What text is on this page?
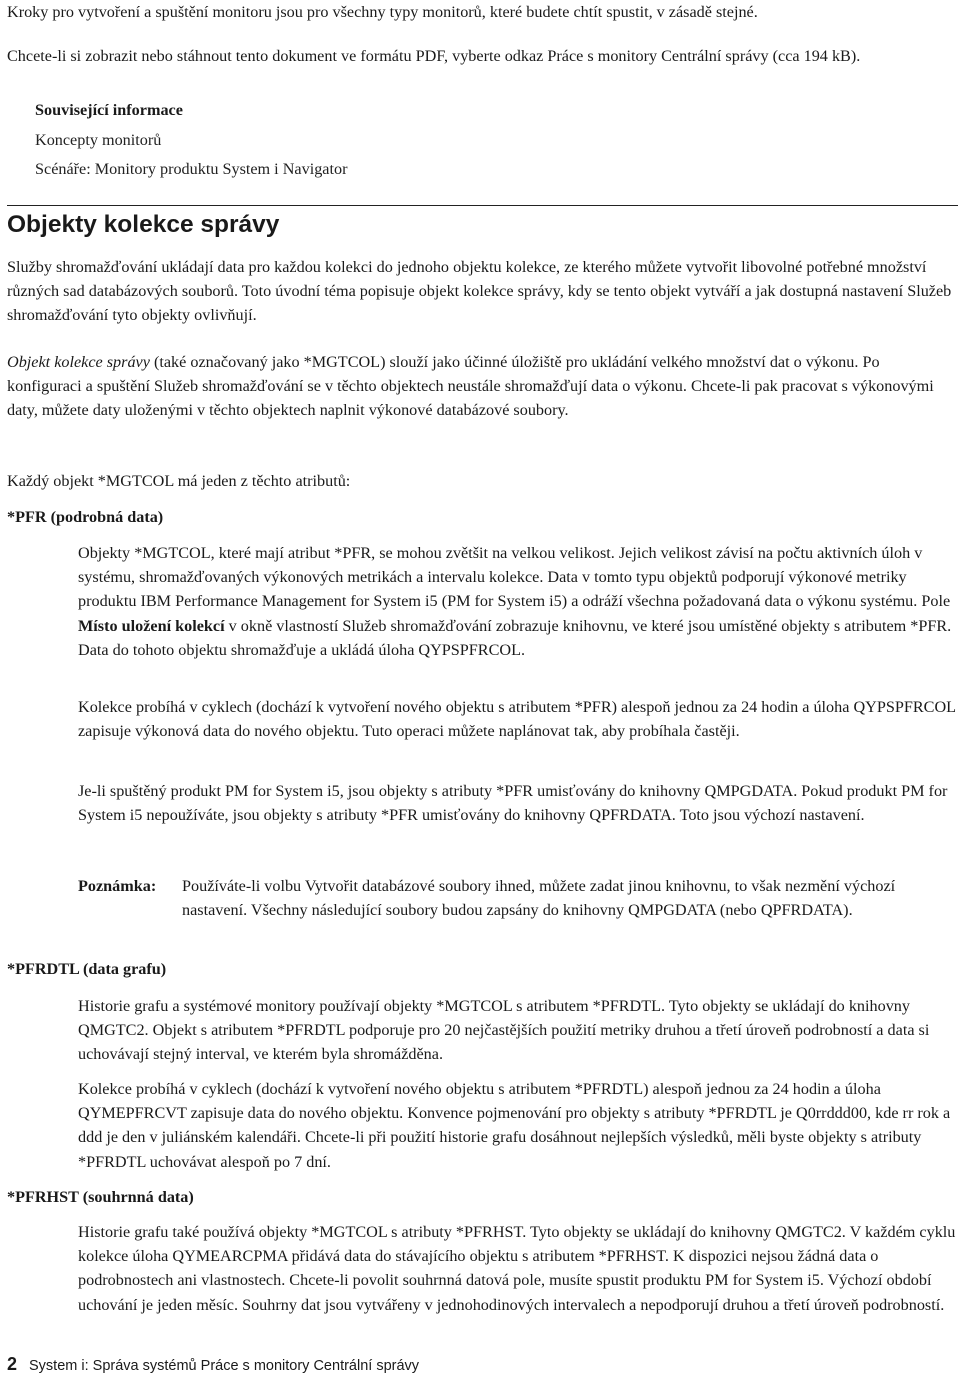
Kroky pro vytvoření a spuštění monitoru jsou pro všechny typy monitorů, které budete chtít spustit, v zásadě stejné.

Chcete-li si zobrazit nebo stáhnout tento dokument ve formátu PDF, vyberte odkaz Práce s monitory Centrální správy (cca 194 kB).

Související informace
Koncepty monitorů
Scénáře: Monitory produktu System i Navigator
Objekty kolekce správy

Služby shromažďování ukládají data pro každou kolekci do jednoho objektu kolekce, ze kterého můžete vytvořit libovolné potřebné množství různých sad databázových souborů. Toto úvodní téma popisuje objekt kolekce správy, kdy se tento objekt vytváří a jak dostupná nastavení Služeb shromažďování tyto objekty ovlivňují.

Objekt kolekce správy (také označovaný jako *MGTCOL) slouží jako účinné úložiště pro ukládání velkého množství dat o výkonu. Po konfiguraci a spuštění Služeb shromažďování se v těchto objektech neustále shromažďují data o výkonu. Chcete-li pak pracovat s výkonovými daty, můžete daty uloženými v těchto objektech naplnit výkonové databázové soubory.

Každý objekt *MGTCOL má jeden z těchto atributů:

*PFR (podrobná data)

Objekty *MGTCOL, které mají atribut *PFR, se mohou zvětšit na velkou velikost. Jejich velikost závisí na počtu aktivních úloh v systému, shromažďovaných výkonových metrikách a intervalu kolekce. Data v tomto typu objektů podporují výkonové metriky produktu IBM Performance Management for System i5 (PM for System i5) a odráží všechna požadovaná data o výkonu systému. Pole Místo uložení kolekcí v okně vlastností Služeb shromažďování zobrazuje knihovnu, ve které jsou umístěné objekty s atributem *PFR. Data do tohoto objektu shromažďuje a ukládá úloha QYPSPFRCOL.

Kolekce probíhá v cyklech (dochází k vytvoření nového objektu s atributem *PFR) alespoň jednou za 24 hodin a úloha QYPSPFRCOL zapisuje výkonová data do nového objektu. Tuto operaci můžete naplánovat tak, aby probíhala častěji.

Je-li spuštěný produkt PM for System i5, jsou objekty s atributy *PFR umisťovány do knihovny QMPGDATA. Pokud produkt PM for System i5 nepoužíváte, jsou objekty s atributy *PFR umisťovány do knihovny QPFRDATA. Toto jsou výchozí nastavení.

Poznámka: Používáte-li volbu Vytvořit databázové soubory ihned, můžete zadat jinou knihovnu, to však nezmění výchozí nastavení. Všechny následující soubory budou zapsány do knihovny QMPGDATA (nebo QPFRDATA).

*PFRDTL (data grafu)

Historie grafu a systémové monitory používají objekty *MGTCOL s atributem *PFRDTL. Tyto objekty se ukládají do knihovny QMGTC2. Objekt s atributem *PFRDTL podporuje pro 20 nejčastějších použití metriky druhou a třetí úroveň podrobností a data si uchovávají stejný interval, ve kterém byla shromážděna.

Kolekce probíhá v cyklech (dochází k vytvoření nového objektu s atributem *PFRDTL) alespoň jednou za 24 hodin a úloha QYMEPFRCVT zapisuje data do nového objektu. Konvence pojmenování pro objekty s atributy *PFRDTL je Q0rrddd00, kde rr rok a ddd je den v juliánském kalendáři. Chcete-li při použití historie grafu dosáhnout nejlepších výsledků, měli byste objekty s atributy *PFRDTL uchovávat alespoň po 7 dní.

*PFRHST (souhrnná data)

Historie grafu také používá objekty *MGTCOL s atributy *PFRHST. Tyto objekty se ukládají do knihovny QMGTC2. V každém cyklu kolekce úloha QYMEARCPMA přidává data do stávajícího objektu s atributem *PFRHST. K dispozici nejsou žádná data o podrobnostech ani vlastnostech. Chcete-li povolit souhrnná datová pole, musíte spustit produktu PM for System i5. Výchozí období uchování je jeden měsíc. Souhrny dat jsou vytvářeny v jednohodinových intervalech a nepodporují druhou a třetí úroveň podrobností.

2 System i: Správa systémů Práce s monitory Centrální správy
